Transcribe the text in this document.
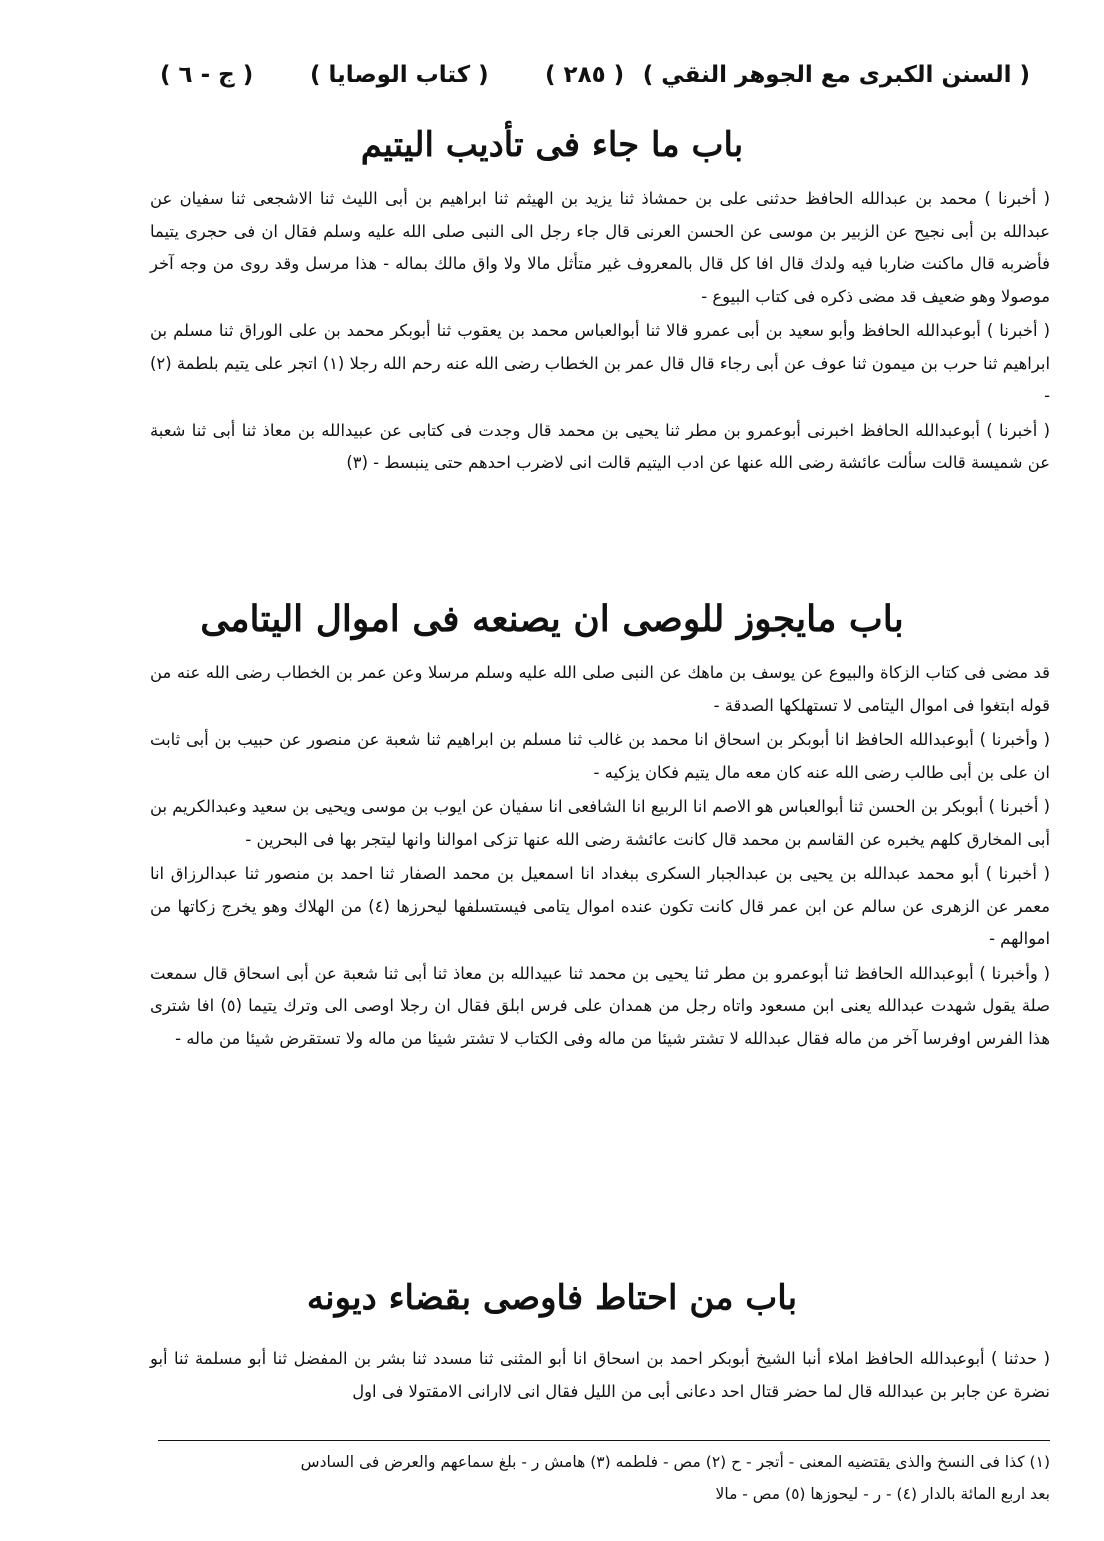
( السنن الكبرى مع الجوهر النقي )
( ٢٨٥ )
( كتاب الوصايا )
( ج - ٦ )
باب ما جاء فى تأديب اليتيم

( أخبرنا ) محمد بن عبدالله الحافظ حدثنى على بن حمشاذ ثنا يزيد بن الهيثم ثنا ابراهيم بن أبى الليث ثنا الاشجعى ثنا سفيان عن عبدالله بن أبى نجيح عن الزبير بن موسى عن الحسن العرنى قال جاء رجل الى النبى صلى الله عليه وسلم فقال ان فى حجرى يتيما فأضربه قال ماكنت ضاربا فيه ولدك قال افا كل قال بالمعروف غير متأثل مالا ولا واق مالك بماله - هذا مرسل وقد روى من وجه آخر موصولا وهو ضعيف قد مضى ذكره فى كتاب البيوع -

( أخبرنا ) أبوعبدالله الحافظ وأبو سعيد بن أبى عمرو قالا ثنا أبوالعباس محمد بن يعقوب ثنا أبوبكر محمد بن على الوراق ثنا مسلم بن ابراهيم ثنا حرب بن ميمون ثنا عوف عن أبى رجاء قال قال عمر بن الخطاب رضى الله عنه رحم الله رجلا (١) اتجر على يتيم بلطمة (٢) -

( أخبرنا ) أبوعبدالله الحافظ اخبرنى أبوعمرو بن مطر ثنا يحيى بن محمد قال وجدت فى كتابى عن عبيدالله بن معاذ ثنا أبى ثنا شعبة عن شميسة قالت سألت عائشة رضى الله عنها عن ادب اليتيم قالت انى لاضرب احدهم حتى ينبسط - (٣)

باب مايجوز للوصى ان يصنعه فى اموال اليتامى

قد مضى فى كتاب الزكاة والبيوع عن يوسف بن ماهك عن النبى صلى الله عليه وسلم مرسلا وعن عمر بن الخطاب رضى الله عنه من قوله ابتغوا فى اموال اليتامى لا تستهلكها الصدقة -

( وأخبرنا ) أبوعبدالله الحافظ انا أبوبكر بن اسحاق انا محمد بن غالب ثنا مسلم بن ابراهيم ثنا شعبة عن منصور عن حبيب بن أبى ثابت ان على بن أبى طالب رضى الله عنه كان معه مال يتيم فكان يزكيه -

( أخبرنا ) أبوبكر بن الحسن ثنا أبوالعباس هو الاصم انا الربيع انا الشافعى انا سفيان عن ايوب بن موسى ويحيى بن سعيد وعبدالكريم بن أبى المخارق كلهم يخبره عن القاسم بن محمد قال كانت عائشة رضى الله عنها تزكى اموالنا وانها ليتجر بها فى البحرين -

( أخبرنا ) أبو محمد عبدالله بن يحيى بن عبدالجبار السكرى ببغداد انا اسمعيل بن محمد الصفار ثنا احمد بن منصور ثنا عبدالرزاق انا معمر عن الزهرى عن سالم عن ابن عمر قال كانت تكون عنده اموال يتامى فيستسلفها ليحرزها (٤) من الهلاك وهو يخرج زكاتها من اموالهم -

( وأخبرنا ) أبوعبدالله الحافظ ثنا أبوعمرو بن مطر ثنا يحيى بن محمد ثنا عبيدالله بن معاذ ثنا أبى ثنا شعبة عن أبى اسحاق قال سمعت صلة يقول شهدت عبدالله يعنى ابن مسعود واتاه رجل من همدان على فرس ابلق فقال ان رجلا اوصى الى وترك يتيما (٥) افا شترى هذا الفرس اوفرسا آخر من ماله فقال عبدالله لا تشتر شيئا من ماله وفى الكتاب لا تشتر شيئا من ماله ولا تستقرض شيئا من ماله -

باب من احتاط فاوصى بقضاء ديونه

( حدثنا ) أبوعبدالله الحافظ املاء أنبا الشيخ أبوبكر احمد بن اسحاق انا أبو المثنى ثنا مسدد ثنا بشر بن المفضل ثنا أبو مسلمة ثنا أبو نضرة عن جابر بن عبدالله قال لما حضر قتال احد دعانى أبى من الليل فقال انى لاارانى الامقتولا فى اول

(١) كذا فى النسخ والذى يقتضيه المعنى - أتجر - ح (٢) مص - فلطمه (٣) هامش ر - بلغ سماعهم والعرض فى السادس
بعد اربع المائة بالدار (٤) - ر - ليحوزها (٥) مص - مالا
